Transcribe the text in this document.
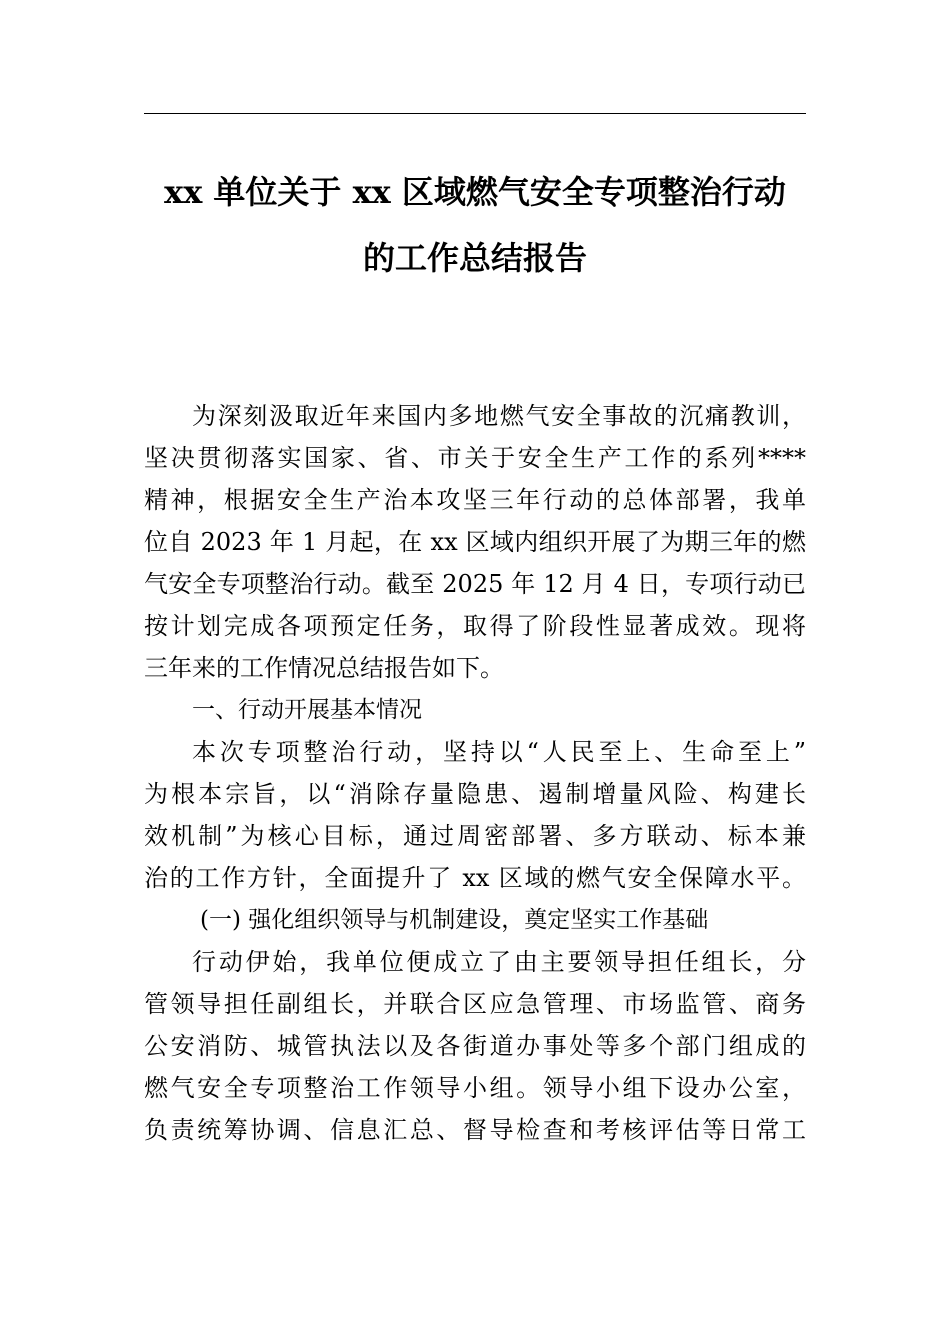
xx 单位关于 xx 区域燃气安全专项整治行动
的工作总结报告
为深刻汲取近年来国内多地燃气安全事故的沉痛教训，
坚决贯彻落实国家、省、市关于安全生产工作的系列****
精神，根据安全生产治本攻坚三年行动的总体部署，我单
位自 2023 年 1 月起，在 xx 区域内组织开展了为期三年的燃
气安全专项整治行动。截至 2025 年 12 月 4 日，专项行动已
按计划完成各项预定任务，取得了阶段性显著成效。现将
三年来的工作情况总结报告如下。
一、行动开展基本情况
本次专项整治行动，坚持以“人民至上、生命至上”
为根本宗旨，以“消除存量隐患、遏制增量风险、构建长
效机制”为核心目标，通过周密部署、多方联动、标本兼
治的工作方针，全面提升了 xx 区域的燃气安全保障水平。
(一) 强化组织领导与机制建设，奠定坚实工作基础
行动伊始，我单位便成立了由主要领导担任组长，分
管领导担任副组长，并联合区应急管理、市场监管、商务
公安消防、城管执法以及各街道办事处等多个部门组成的
燃气安全专项整治工作领导小组。领导小组下设办公室，
负责统筹协调、信息汇总、督导检查和考核评估等日常工
